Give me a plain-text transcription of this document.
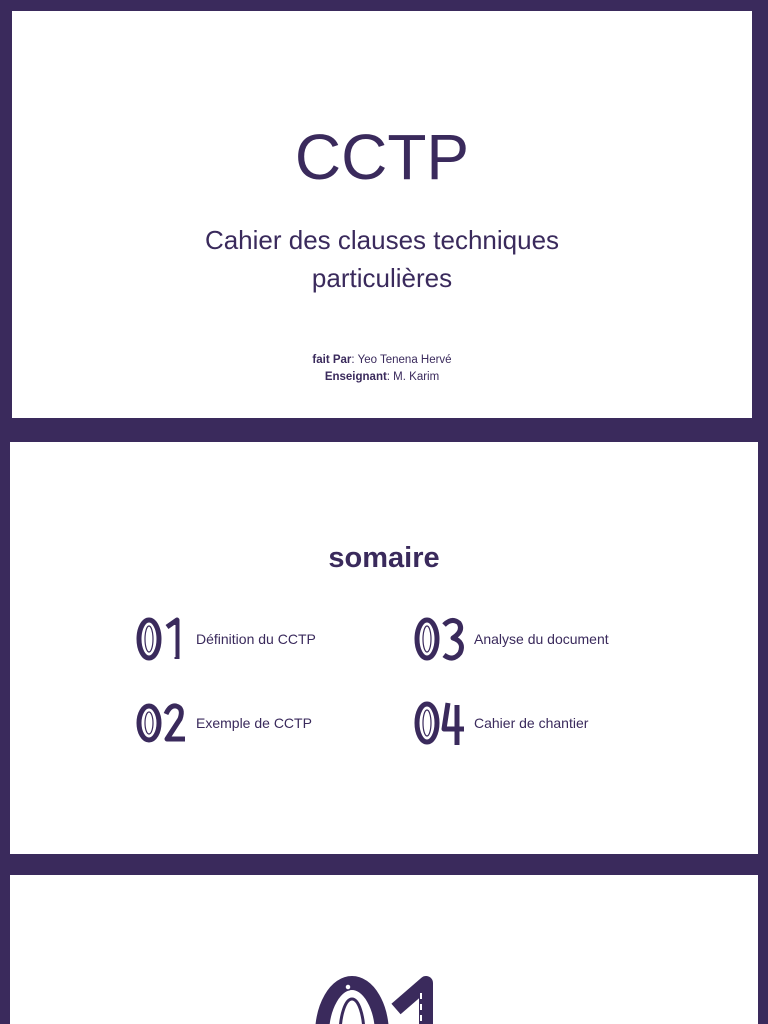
CCTP
Cahier des clauses techniques
particulières
fait Par: Yeo Tenena Hervé
Enseignant: M. Karim
somaire
Définition du CCTP
Exemple de CCTP
Analyse du document
Cahier de chantier
